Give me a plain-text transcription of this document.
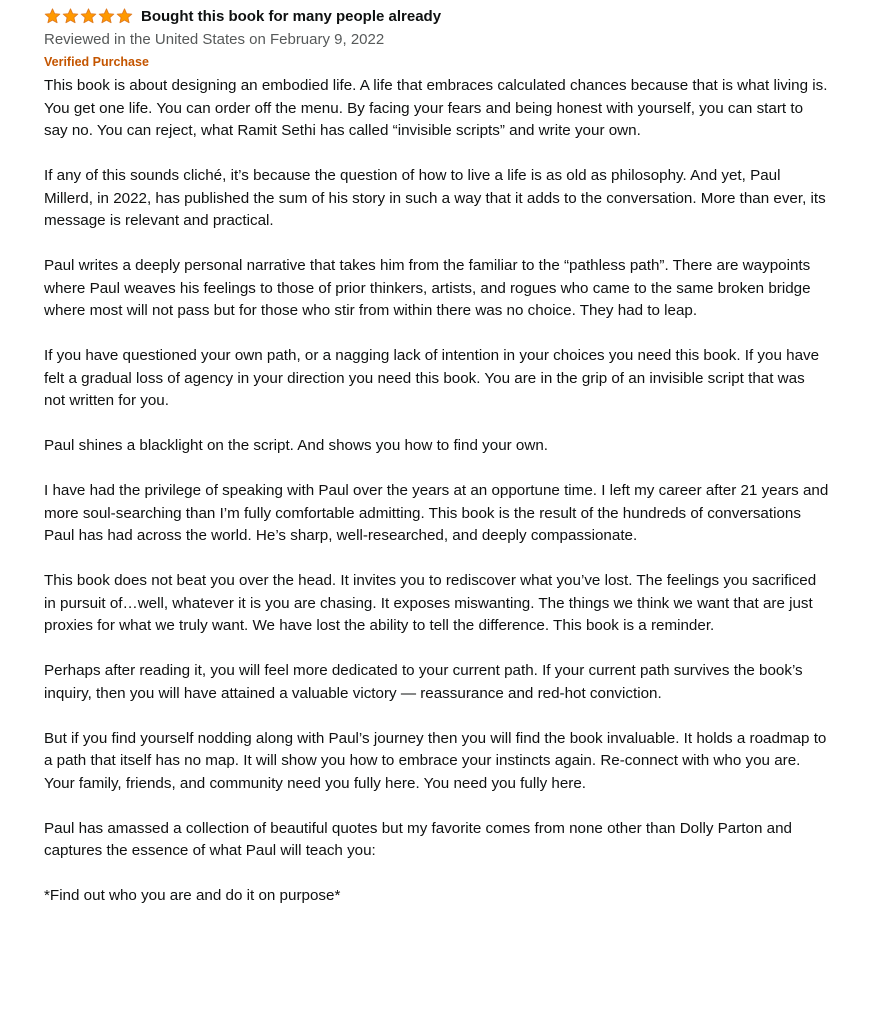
Bought this book for many people already
Reviewed in the United States on February 9, 2022
Verified Purchase

This book is about designing an embodied life. A life that embraces calculated chances because that is what living is. You get one life. You can order off the menu. By facing your fears and being honest with yourself, you can start to say no. You can reject, what Ramit Sethi has called “invisible scripts” and write your own.

If any of this sounds cliché, it’s because the question of how to live a life is as old as philosophy. And yet, Paul Millerd, in 2022, has published the sum of his story in such a way that it adds to the conversation. More than ever, its message is relevant and practical.

Paul writes a deeply personal narrative that takes him from the familiar to the “pathless path”. There are waypoints where Paul weaves his feelings to those of prior thinkers, artists, and rogues who came to the same broken bridge where most will not pass but for those who stir from within there was no choice. They had to leap.

If you have questioned your own path, or a nagging lack of intention in your choices you need this book. If you have felt a gradual loss of agency in your direction you need this book. You are in the grip of an invisible script that was not written for you.

Paul shines a blacklight on the script. And shows you how to find your own.

I have had the privilege of speaking with Paul over the years at an opportune time. I left my career after 21 years and more soul-searching than I’m fully comfortable admitting. This book is the result of the hundreds of conversations Paul has had across the world. He’s sharp, well-researched, and deeply compassionate.

This book does not beat you over the head. It invites you to rediscover what you’ve lost. The feelings you sacrificed in pursuit of…well, whatever it is you are chasing. It exposes miswanting. The things we think we want that are just proxies for what we truly want. We have lost the ability to tell the difference. This book is a reminder.

Perhaps after reading it, you will feel more dedicated to your current path. If your current path survives the book’s inquiry, then you will have attained a valuable victory — reassurance and red-hot conviction.

But if you find yourself nodding along with Paul’s journey then you will find the book invaluable. It holds a roadmap to a path that itself has no map. It will show you how to embrace your instincts again. Re-connect with who you are. Your family, friends, and community need you fully here. You need you fully here.

Paul has amassed a collection of beautiful quotes but my favorite comes from none other than Dolly Parton and captures the essence of what Paul will teach you:

*Find out who you are and do it on purpose*
